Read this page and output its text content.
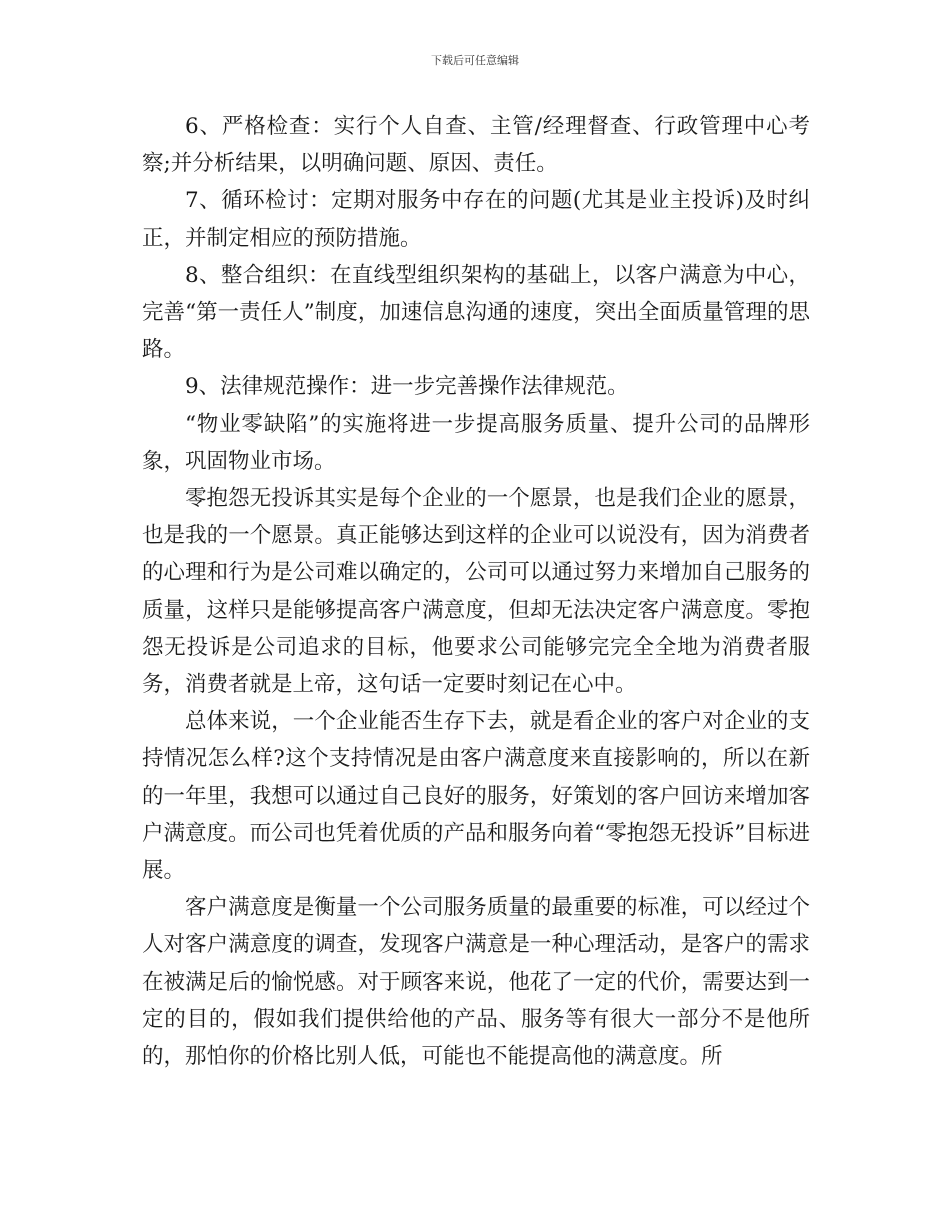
下载后可任意编辑

6、严格检查：实行个人自查、主管/经理督查、行政管理中心考察;并分析结果，以明确问题、原因、责任。

7、循环检讨：定期对服务中存在的问题(尤其是业主投诉)及时纠正，并制定相应的预防措施。

8、整合组织：在直线型组织架构的基础上，以客户满意为中心，完善“第一责任人”制度，加速信息沟通的速度，突出全面质量管理的思路。

9、法律规范操作：进一步完善操作法律规范。

“物业零缺陷”的实施将进一步提高服务质量、提升公司的品牌形象，巩固物业市场。

零抱怨无投诉其实是每个企业的一个愿景，也是我们企业的愿景，也是我的一个愿景。真正能够达到这样的企业可以说没有，因为消费者的心理和行为是公司难以确定的，公司可以通过努力来增加自己服务的质量，这样只是能够提高客户满意度，但却无法决定客户满意度。零抱怨无投诉是公司追求的目标，他要求公司能够完完全全地为消费者服务，消费者就是上帝，这句话一定要时刻记在心中。

总体来说，一个企业能否生存下去，就是看企业的客户对企业的支持情况怎么样?这个支持情况是由客户满意度来直接影响的，所以在新的一年里，我想可以通过自己良好的服务，好策划的客户回访来增加客户满意度。而公司也凭着优质的产品和服务向着“零抱怨无投诉”目标进展。

客户满意度是衡量一个公司服务质量的最重要的标准，可以经过个人对客户满意度的调查，发现客户满意是一种心理活动，是客户的需求在被满足后的愉悦感。对于顾客来说，他花了一定的代价，需要达到一定的目的，假如我们提供给他的产品、服务等有很大一部分不是他所的，那怕你的价格比别人低，可能也不能提高他的满意度。所
